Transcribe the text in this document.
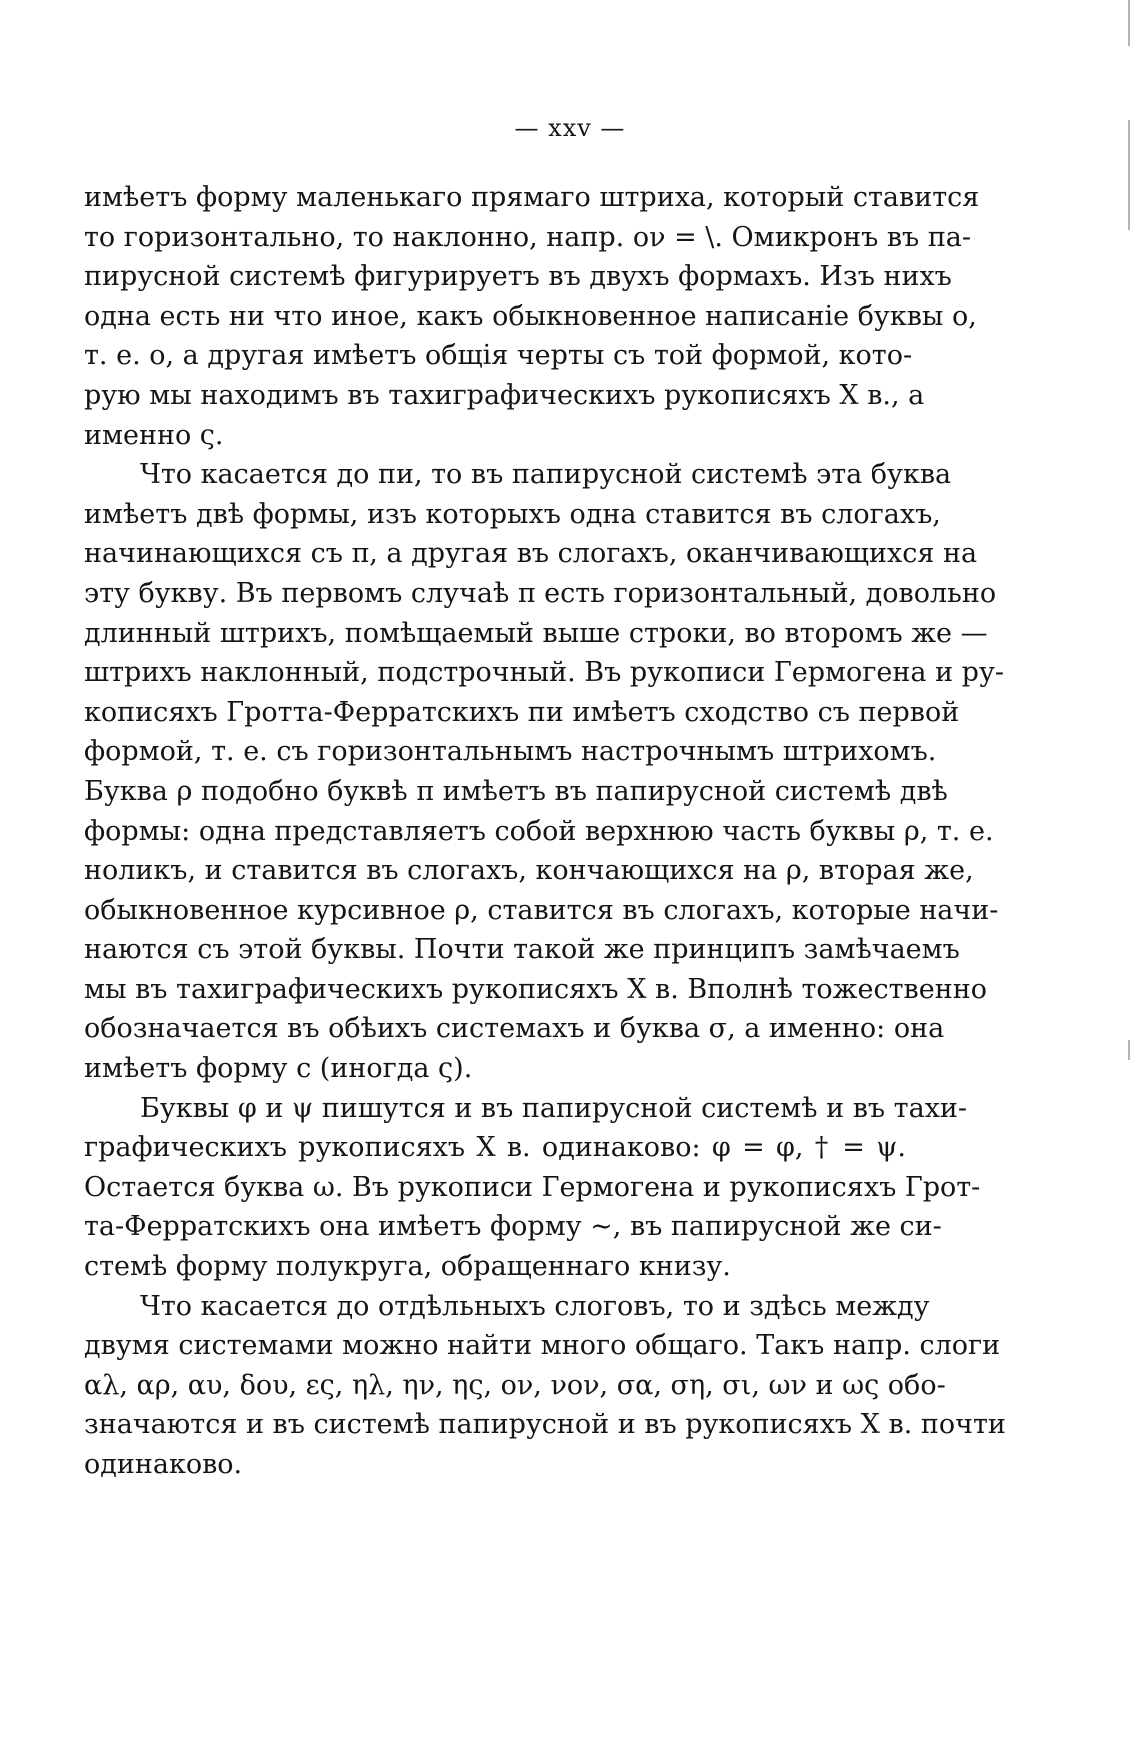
— xxv —
имѣетъ форму маленькаго прямаго штриха, который ставится
то горизонтально, то наклонно, напр. ον = \. Омикронъ въ па-
пирусной системѣ фигурируетъ въ двухъ формахъ. Изъ нихъ
одна есть ни что иное, какъ обыкновенное написаніе буквы ο,
т. е. ο, а другая имѣетъ общія черты съ той формой, кото-
рую мы находимъ въ тахиграфическихъ рукописяхъ X в., а
именно ς.
Что касается до пи, то въ папирусной системѣ эта буква
имѣетъ двѣ формы, изъ которыхъ одна ставится въ слогахъ,
начинающихся съ π, а другая въ слогахъ, оканчивающихся на
эту букву. Въ первомъ случаѣ π есть горизонтальный, довольно
длинный штрихъ, помѣщаемый выше строки, во второмъ же —
штрихъ наклонный, подстрочный. Въ рукописи Гермогена и ру-
кописяхъ Гротта-Ферратскихъ пи имѣетъ сходство съ первой
формой, т. е. съ горизонтальнымъ настрочнымъ штрихомъ.
Буква ρ подобно буквѣ π имѣетъ въ папирусной системѣ двѣ
формы: одна представляетъ собой верхнюю часть буквы ρ, т. е.
ноликъ, и ставится въ слогахъ, кончающихся на ρ, вторая же,
обыкновенное курсивное ρ, ставится въ слогахъ, которые начи-
наются съ этой буквы. Почти такой же принципъ замѣчаемъ
мы въ тахиграфическихъ рукописяхъ X в. Вполнѣ тожественно
обозначается въ обѣихъ системахъ и буква σ, а именно: она
имѣетъ форму c (иногда ς).
Буквы φ и ψ пишутся и въ папирусной системѣ и въ тахи-
графическихъ рукописяхъ X в. одинаково: φ = φ, † = ψ.
Остается буква ω. Въ рукописи Гермогена и рукописяхъ Грот-
та-Ферратскихъ она имѣетъ форму ∼, въ папирусной же си-
стемѣ форму полукруга, обращеннаго книзу.
Что касается до отдѣльныхъ слоговъ, то и здѣсь между
двумя системами можно найти много общаго. Такъ напр. слоги
αλ, αρ, αυ, δου, ες, ηλ, ην, ης, ον, νον, σα, ση, σι, ων и ως обо-
значаются и въ системѣ папирусной и въ рукописяхъ X в. почти
одинаково.
